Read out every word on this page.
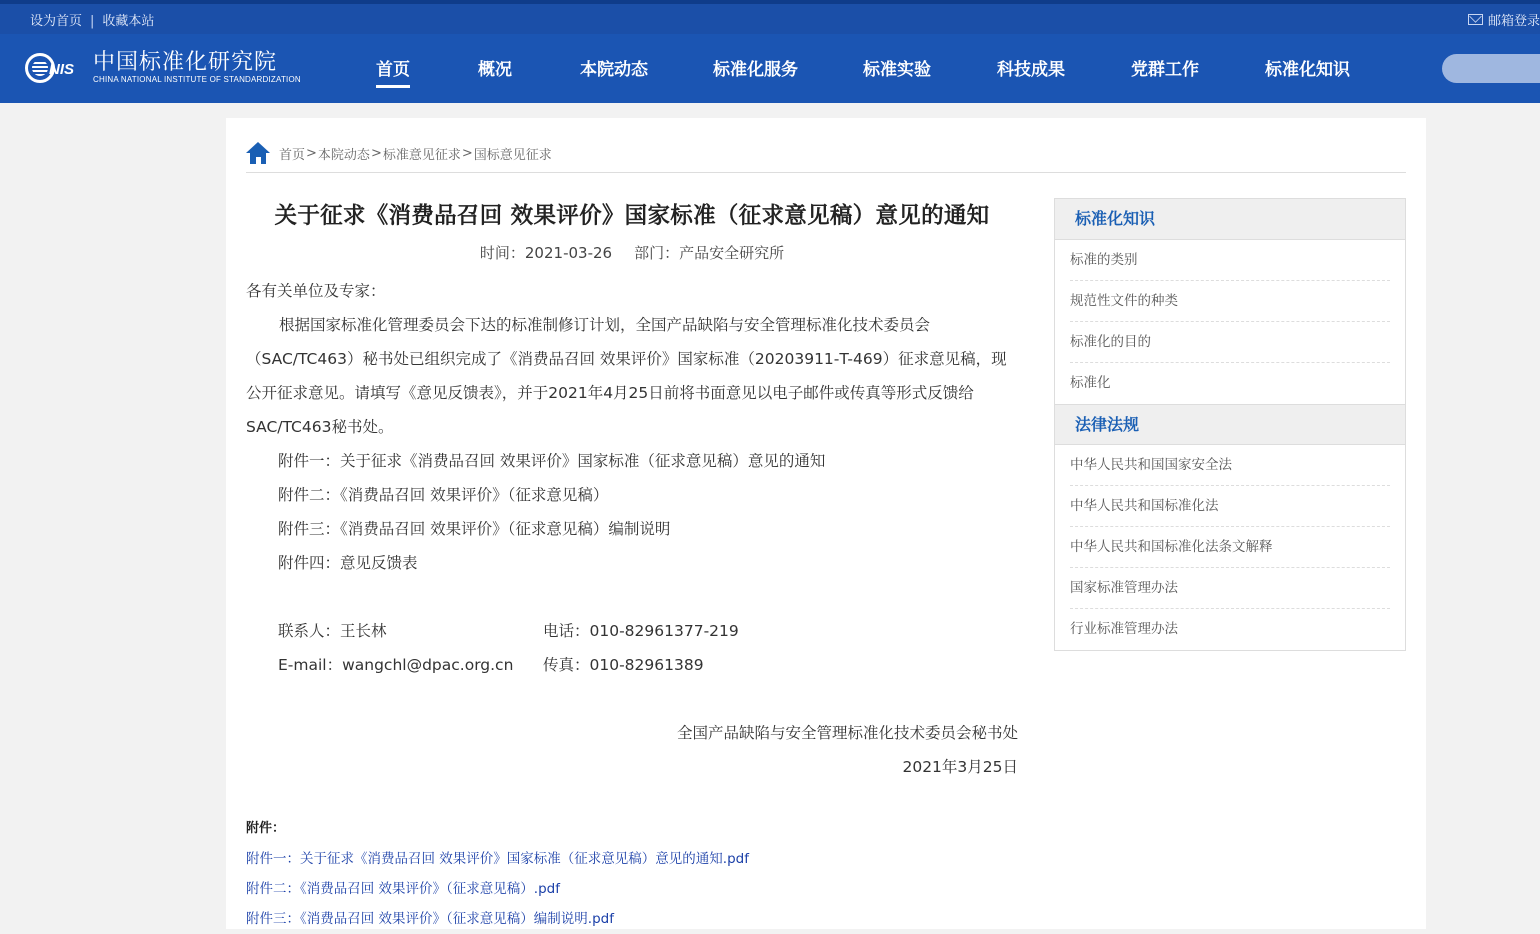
设为首页 | 收藏本站	邮箱登录
NIS 中国标准化研究院
CHINA NATIONAL INSTITUTE OF STANDARDIZATION	首页	概况	本院动态	标准化服务	标准实验	科技成果	党群工作	标准化知识
首页 > 本院动态 > 标准意见征求 > 国标意见征求
关于征求《消费品召回 效果评价》国家标准（征求意见稿）意见的通知
时间：2021-03-26 部门：产品安全研究所

各有关单位及专家：

根据国家标准化管理委员会下达的标准制修订计划，全国产品缺陷与安全管理标准化技术委员会（SAC/TC463）秘书处已组织完成了《消费品召回 效果评价》国家标准（20203911-T-469）征求意见稿，现公开征求意见。请填写《意见反馈表》，并于2021年4月25日前将书面意见以电子邮件或传真等形式反馈给SAC/TC463秘书处。

附件一：关于征求《消费品召回 效果评价》国家标准（征求意见稿）意见的通知

附件二：《消费品召回 效果评价》（征求意见稿）

附件三：《消费品召回 效果评价》（征求意见稿）编制说明

附件四：意见反馈表

联系人：王长林	电话：010-82961377-219
E-mail：wangchl@dpac.org.cn	传真：010-82961389

全国产品缺陷与安全管理标准化技术委员会秘书处

2021年3月25日

附件：
附件一：关于征求《消费品召回 效果评价》国家标准（征求意见稿）意见的通知.pdf
附件二：《消费品召回 效果评价》（征求意见稿）.pdf
附件三：《消费品召回 效果评价》（征求意见稿）编制说明.pdf
标准化知识
标准的类别
规范性文件的种类
标准化的目的
标准化
法律法规
中华人民共和国国家安全法
中华人民共和国标准化法
中华人民共和国标准化法条文解释
国家标准管理办法
行业标准管理办法
